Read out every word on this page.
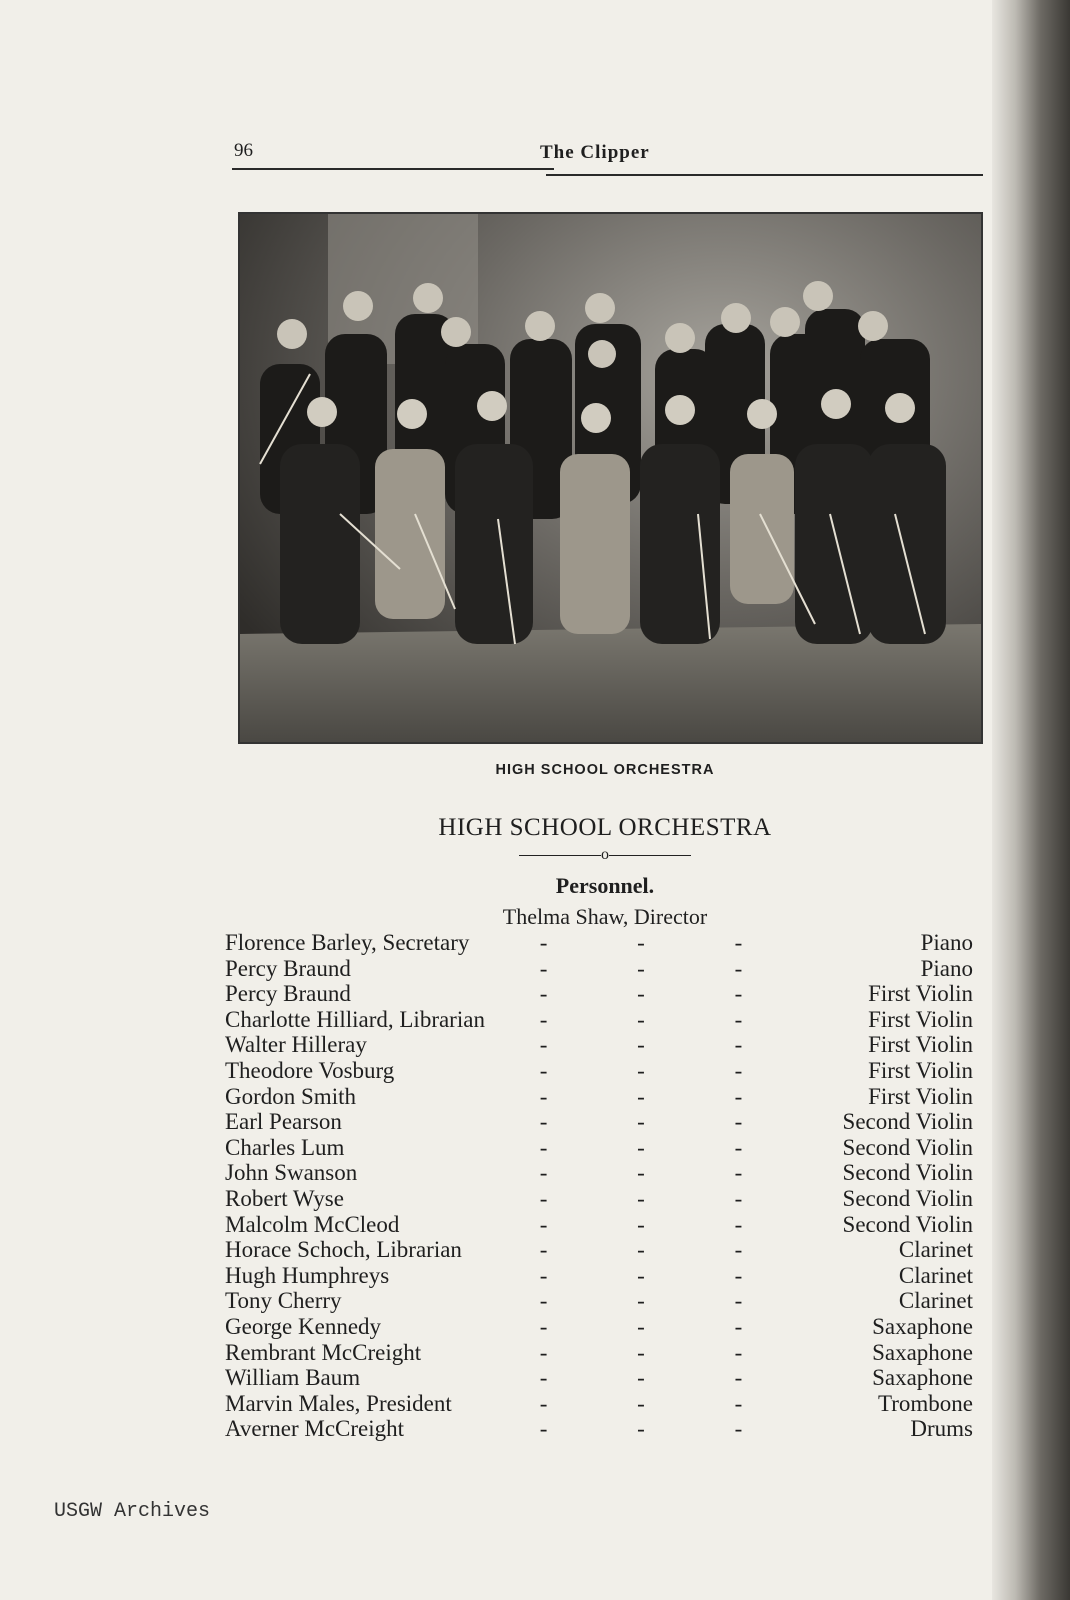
96	The Clipper
HIGH SCHOOL ORCHESTRA
HIGH SCHOOL ORCHESTRA
o
Personnel.
Thelma Shaw, Director
Florence Barley, Secretary	- - -	Piano
Percy Braund	- - -	Piano
Percy Braund	- - -	First Violin
Charlotte Hilliard, Librarian	- - -	First Violin
Walter Hilleray	- - -	First Violin
Theodore Vosburg	- - -	First Violin
Gordon Smith	- - -	First Violin
Earl Pearson	- - -	Second Violin
Charles Lum	- - -	Second Violin
John Swanson	- - -	Second Violin
Robert Wyse	- - -	Second Violin
Malcolm McCleod	- - -	Second Violin
Horace Schoch, Librarian	- - -	Clarinet
Hugh Humphreys	- - -	Clarinet
Tony Cherry	- - -	Clarinet
George Kennedy	- - -	Saxaphone
Rembrant McCreight	- - -	Saxaphone
William Baum	- - -	Saxaphone
Marvin Males, President	- - -	Trombone
Averner McCreight	- - -	Drums
USGW Archives
